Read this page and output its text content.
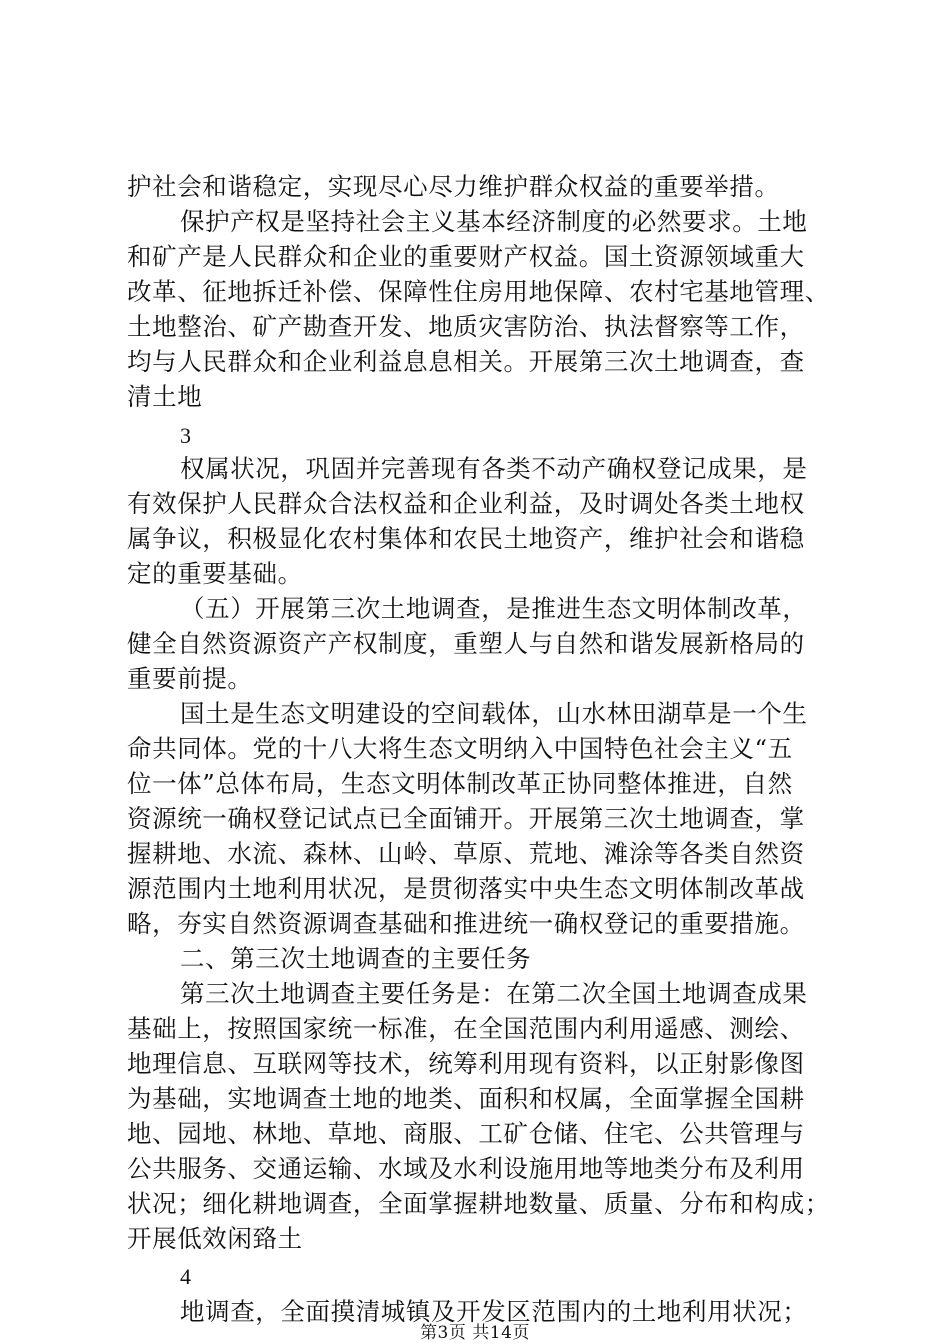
护社会和谐稳定，实现尽心尽力维护群众权益的重要举措。
保护产权是坚持社会主义基本经济制度的必然要求。土地
和矿产是人民群众和企业的重要财产权益。国土资源领域重大
改革、征地拆迁补偿、保障性住房用地保障、农村宅基地管理、
土地整治、矿产勘查开发、地质灾害防治、执法督察等工作，
均与人民群众和企业利益息息相关。开展第三次土地调查，查
清土地
3
权属状况，巩固并完善现有各类不动产确权登记成果，是
有效保护人民群众合法权益和企业利益，及时调处各类土地权
属争议，积极显化农村集体和农民土地资产，维护社会和谐稳
定的重要基础。
（五）开展第三次土地调查，是推进生态文明体制改革，
健全自然资源资产产权制度，重塑人与自然和谐发展新格局的
重要前提。
国土是生态文明建设的空间载体，山水林田湖草是一个生
命共同体。党的十八大将生态文明纳入中国特色社会主义“五
位一体”总体布局，生态文明体制改革正协同整体推进，自然
资源统一确权登记试点已全面铺开。开展第三次土地调查，掌
握耕地、水流、森林、山岭、草原、荒地、滩涂等各类自然资
源范围内土地利用状况，是贯彻落实中央生态文明体制改革战
略，夯实自然资源调查基础和推进统一确权登记的重要措施。
二、第三次土地调查的主要任务
第三次土地调查主要任务是：在第二次全国土地调查成果
基础上，按照国家统一标准，在全国范围内利用遥感、测绘、
地理信息、互联网等技术，统筹利用现有资料，以正射影像图
为基础，实地调查土地的地类、面积和权属，全面掌握全国耕
地、园地、林地、草地、商服、工矿仓储、住宅、公共管理与
公共服务、交通运输、水域及水利设施用地等地类分布及利用
状况；细化耕地调查，全面掌握耕地数量、质量、分布和构成；
开展低效闲臵土
4
地调查，全面摸清城镇及开发区范围内的土地利用状况；
第3页 共14页
